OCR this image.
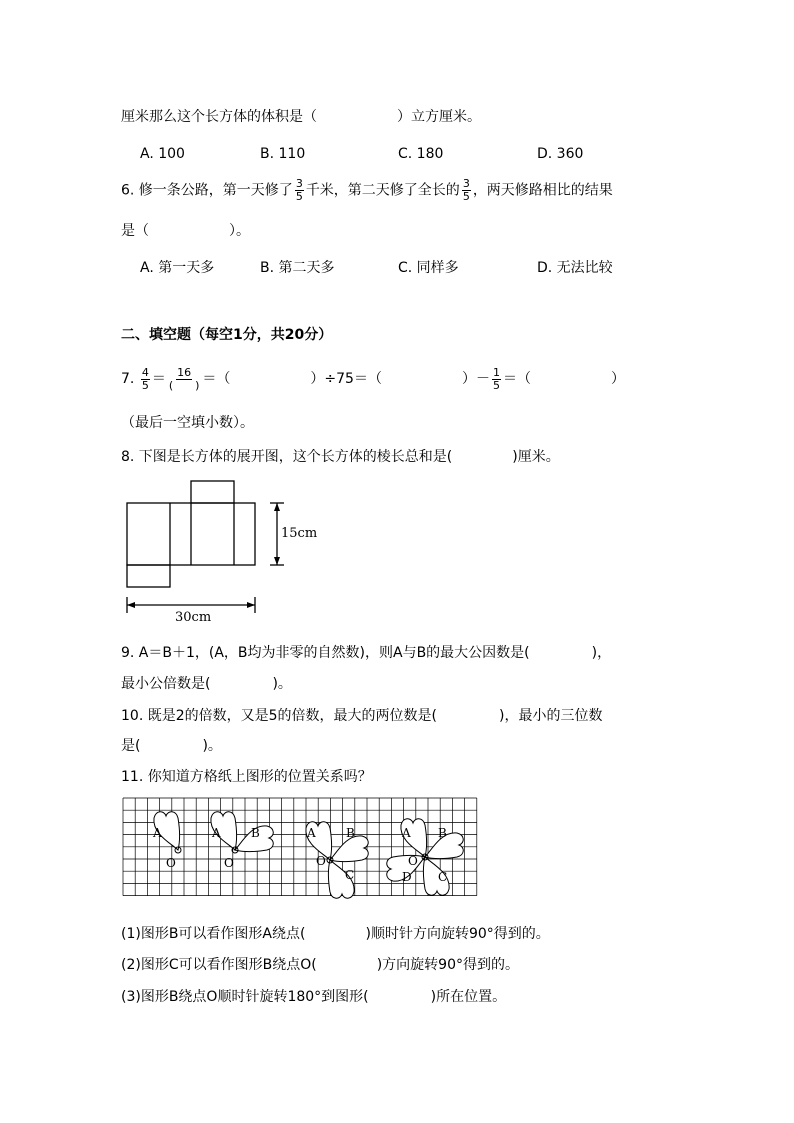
厘米那么这个长方体的体积是（	）立方厘米。
A. 100	B. 110	C. 180	D. 360
6. 修一条公路，第一天修了 $\frac{3}{5}$ 千米，第二天修了全长的 $\frac{3}{5}$ ，两天修路相比的结果
是（	）。
A. 第一天多	B. 第二天多	C. 同样多	D. 无法比较
二、填空题（每空1分，共20分）
7. $\frac{4}{5} = \frac{16}{( )}$ ＝（	）÷75＝（	）－ $\frac{1}{5}$ ＝（	）
（最后一空填小数）。
8. 下图是长方体的展开图，这个长方体的棱长总和是(	)厘米。
15cm
30cm
9. A＝B＋1，(A，B均为非零的自然数)，则A与B的最大公因数是(	)，
最小公倍数是(	)。
10. 既是2的倍数，又是5的倍数，最大的两位数是(	)，最小的三位数
是(	)。
11. 你知道方格纸上图形的位置关系吗？
A
O
A	B
O
A	B
C
O
A B
C
D
O
(1)图形B可以看作图形A绕点(	)顺时针方向旋转90°得到的。
(2)图形C可以看作图形B绕点O(	)方向旋转90°得到的。
(3)图形B绕点O顺时针旋转180°到图形(	)所在位置。
